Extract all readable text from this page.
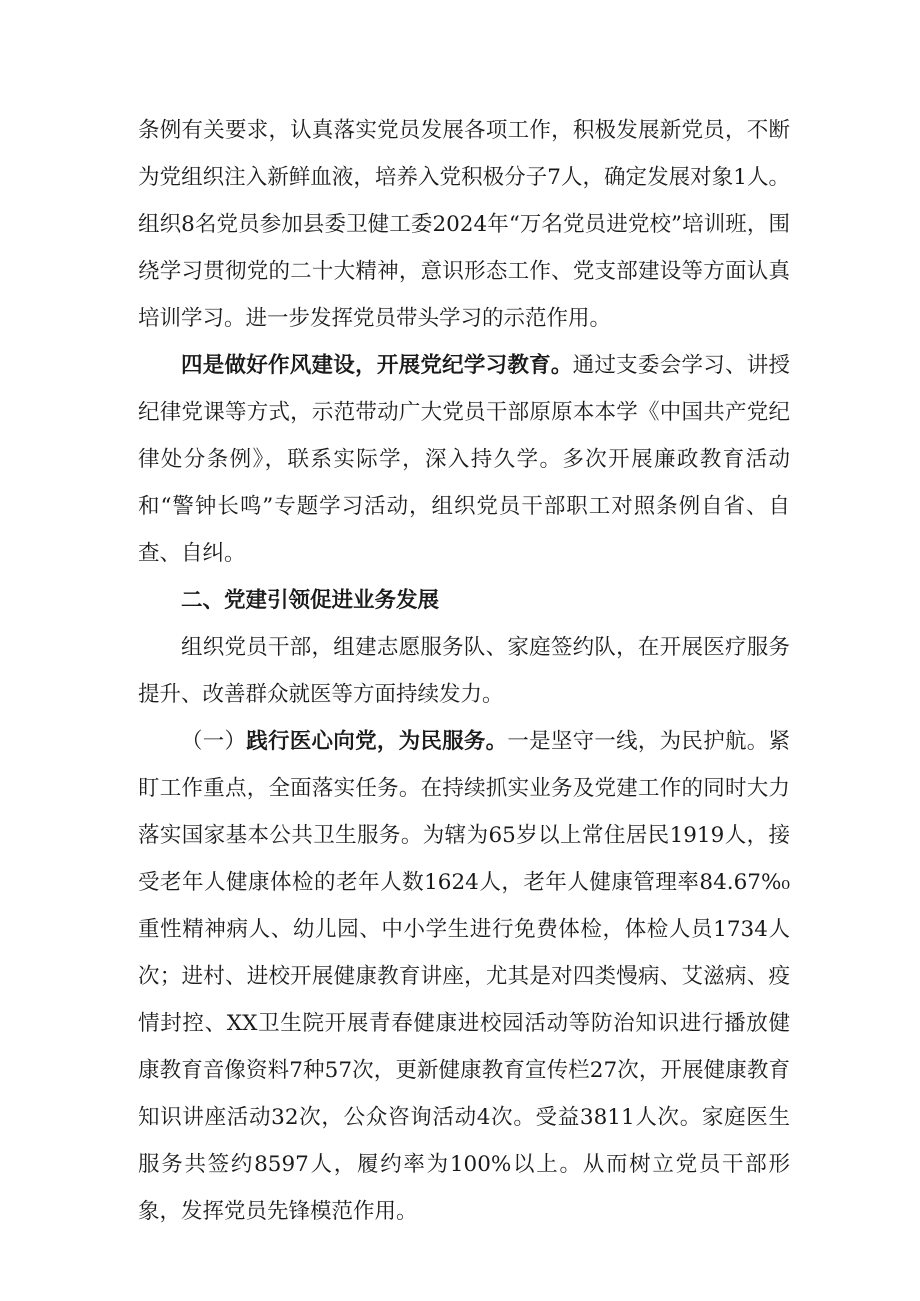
条例有关要求，认真落实党员发展各项工作，积极发展新党员，不断为党组织注入新鲜血液，培养入党积极分子7人，确定发展对象1人。组织8名党员参加县委卫健工委2024年“万名党员进党校”培训班，围绕学习贯彻党的二十大精神，意识形态工作、党支部建设等方面认真培训学习。进一步发挥党员带头学习的示范作用。

四是做好作风建设，开展党纪学习教育。通过支委会学习、讲授纪律党课等方式，示范带动广大党员干部原原本本学《中国共产党纪律处分条例》，联系实际学，深入持久学。多次开展廉政教育活动和“警钟长鸣”专题学习活动，组织党员干部职工对照条例自省、自查、自纠。

二、党建引领促进业务发展

组织党员干部，组建志愿服务队、家庭签约队，在开展医疗服务提升、改善群众就医等方面持续发力。

（一）践行医心向党，为民服务。一是坚守一线，为民护航。紧盯工作重点，全面落实任务。在持续抓实业务及党建工作的同时大力落实国家基本公共卫生服务。为辖为65岁以上常住居民1919人，接受老年人健康体检的老年人数1624人，老年人健康管理率84.67%₀重性精神病人、幼儿园、中小学生进行免费体检，体检人员1734人次；进村、进校开展健康教育讲座，尤其是对四类慢病、艾滋病、疫情封控、XX卫生院开展青春健康进校园活动等防治知识进行播放健康教育音像资料7种57次，更新健康教育宣传栏27次，开展健康教育知识讲座活动32次，公众咨询活动4次。受益3811人次。家庭医生服务共签约8597人，履约率为100%以上。从而树立党员干部形象，发挥党员先锋模范作用。
